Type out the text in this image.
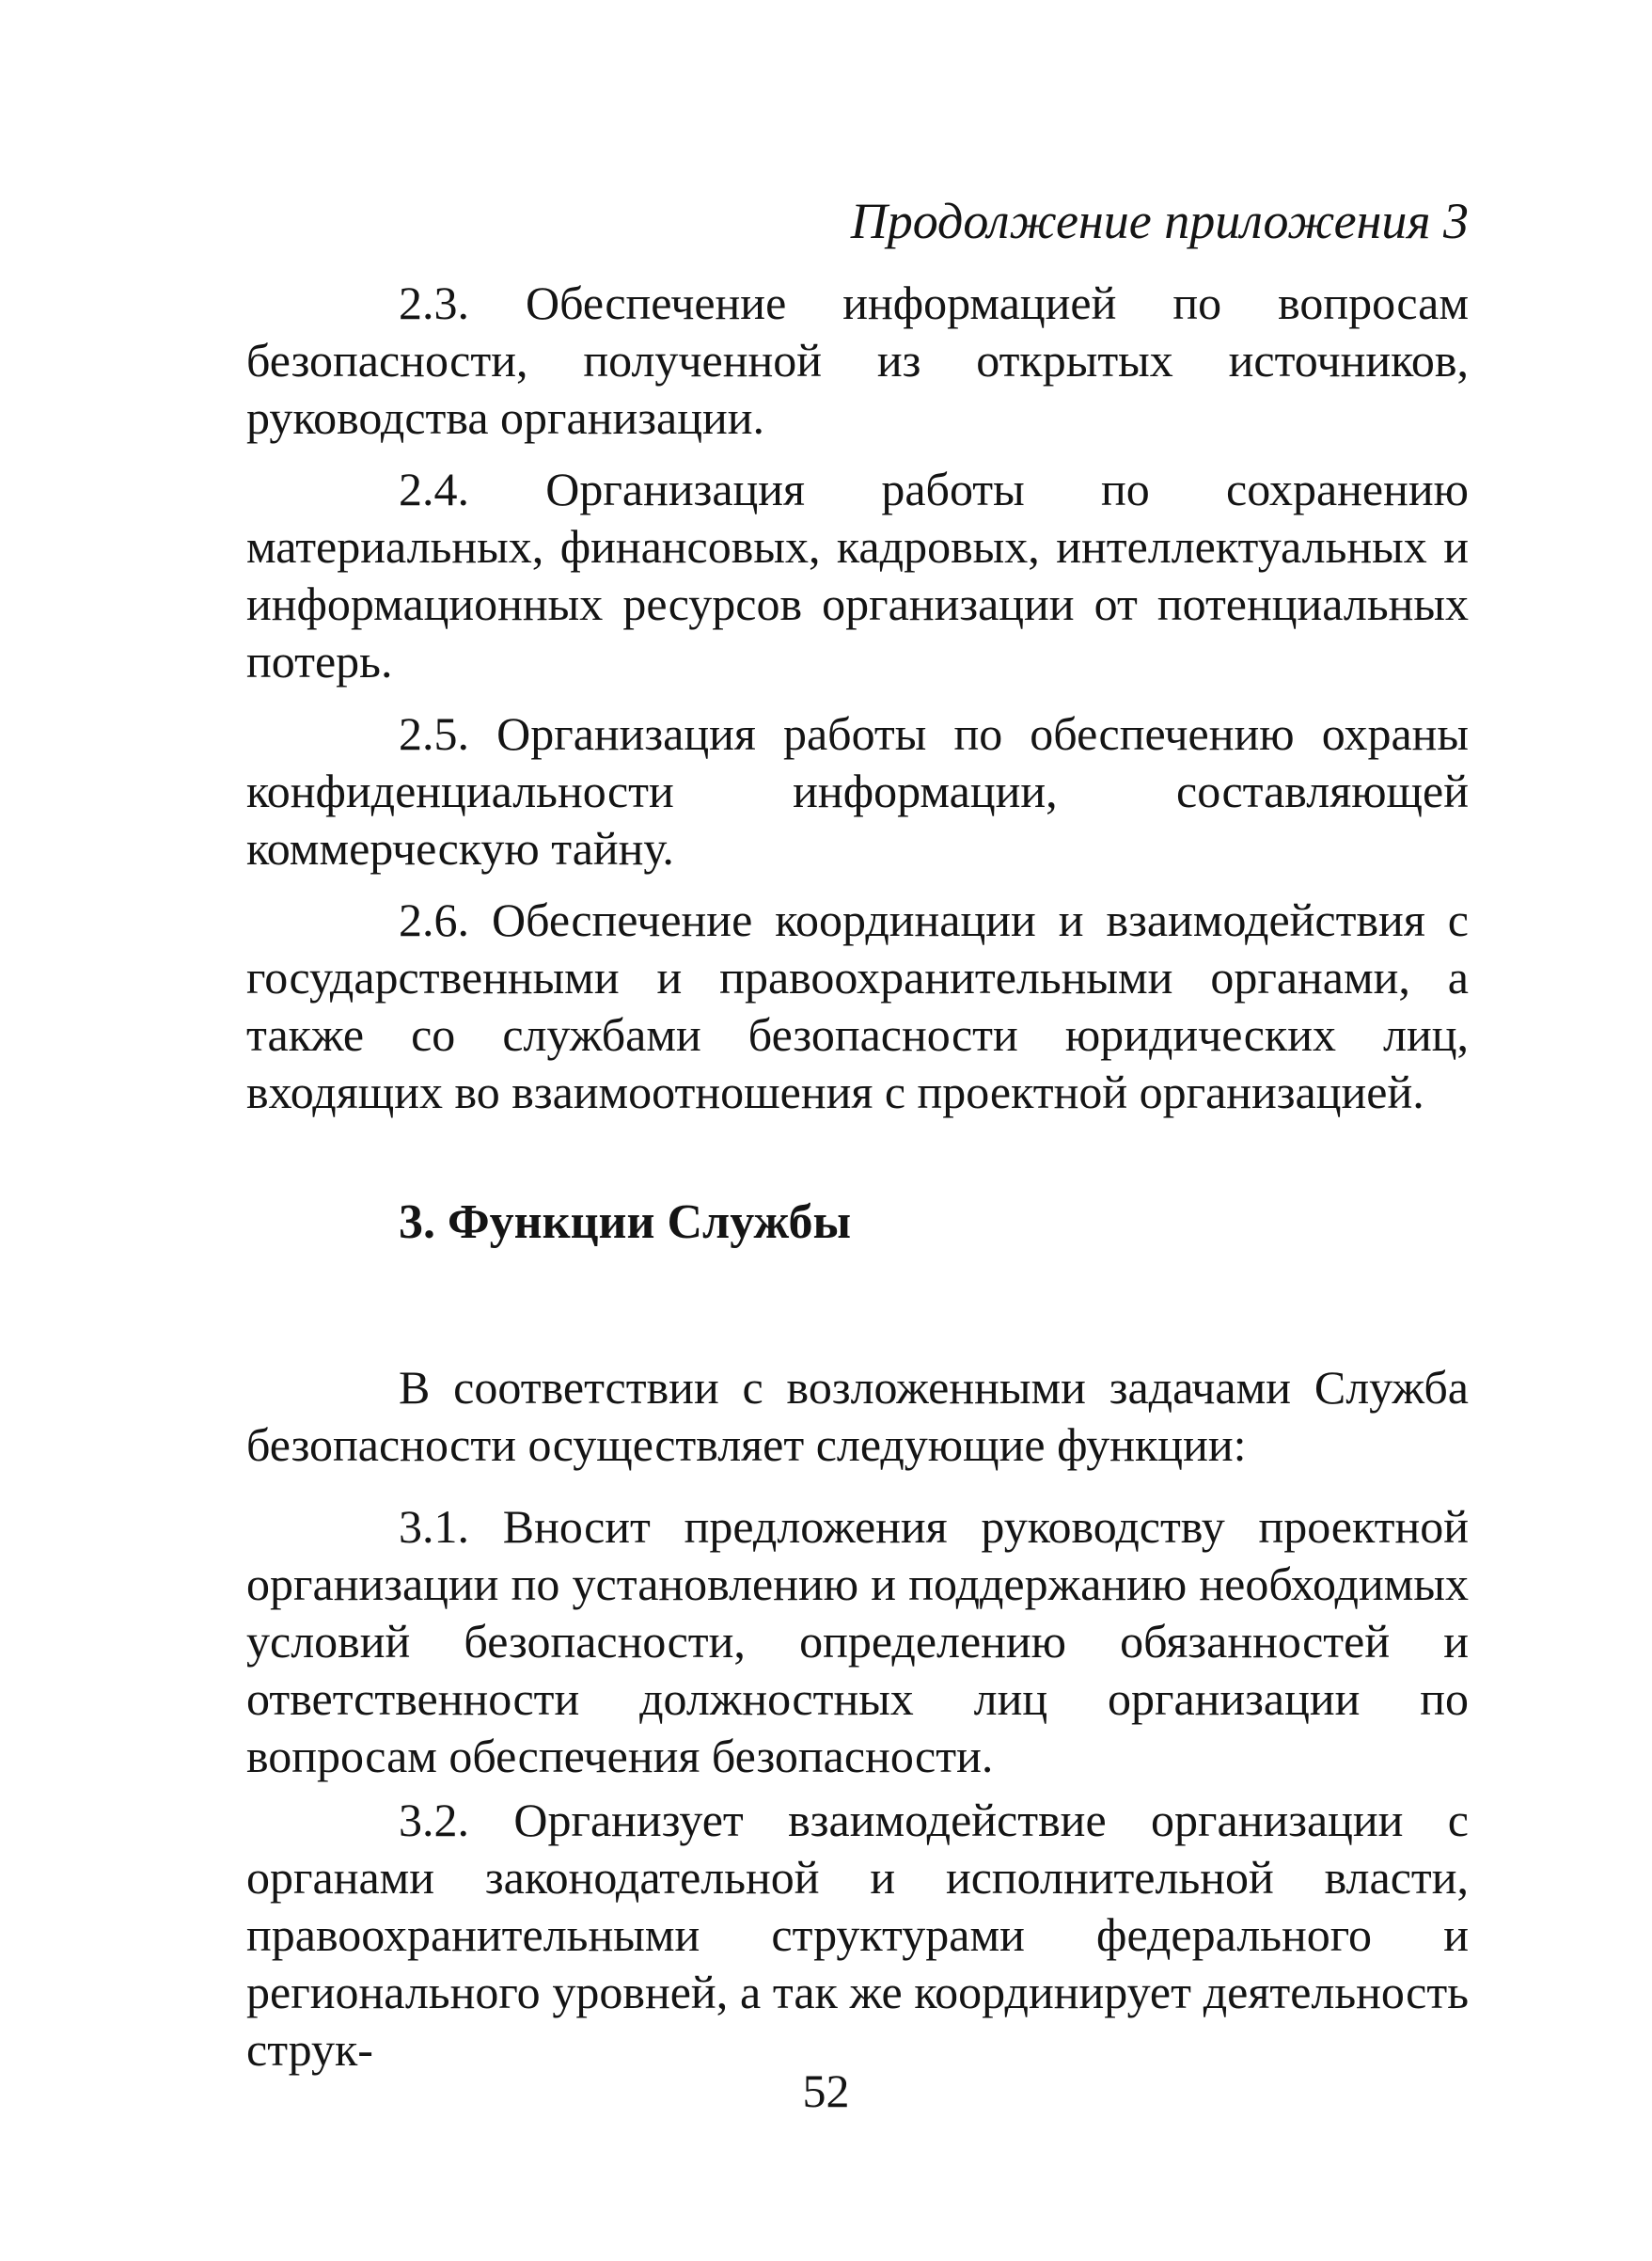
Продолжение приложения 3

2.3. Обеспечение информацией по вопросам безопасности, полученной из открытых источников, руководства организации.

2.4. Организация работы по сохранению материальных, финансовых, кадровых, интеллектуальных и информационных ресурсов организации от потенциальных потерь.

2.5. Организация работы по обеспечению охраны конфиденциальности информации, составляющей коммерческую тайну.

2.6. Обеспечение координации и взаимодействия с государственными и правоохранительными органами, а также со службами безопасности юридических лиц, входящих во взаимоотношения с проектной организацией.

3. Функции Службы

В соответствии с возложенными задачами Служба безопасности осуществляет следующие функции:

3.1. Вносит предложения руководству проектной организации по установлению и поддержанию необходимых условий безопасности, определению обязанностей и ответственности должностных лиц организации по вопросам обеспечения безопасности.

3.2. Организует взаимодействие организации с органами законодательной и исполнительной власти, правоохранительными структурами федерального и регионального уровней, а так же координирует деятельность струк-

52
